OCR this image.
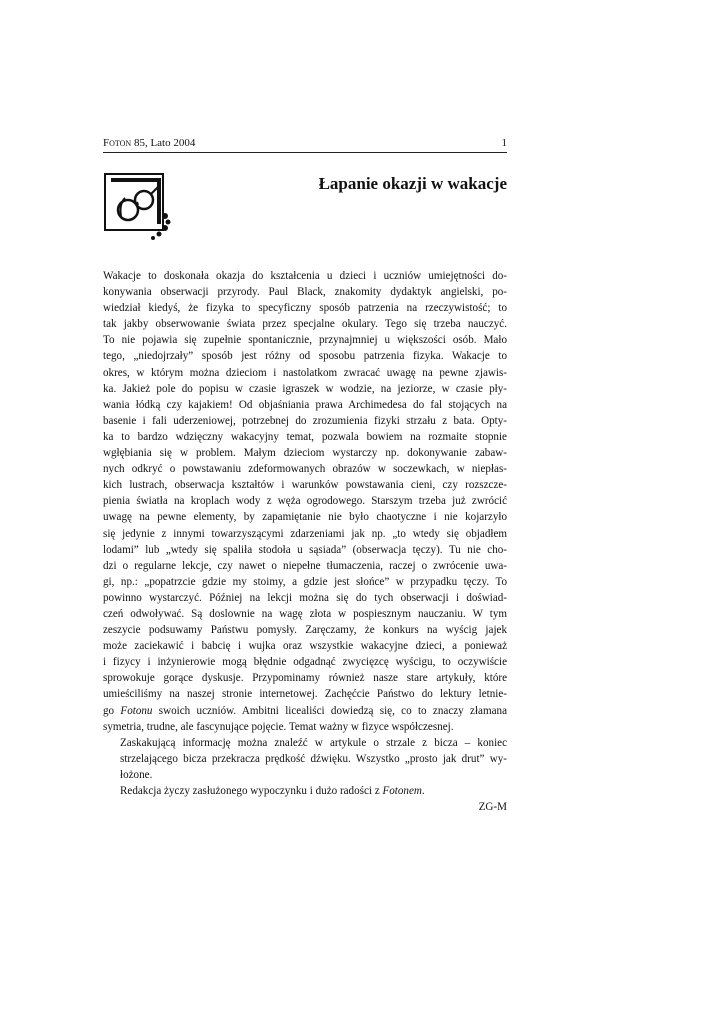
Foton 85, Lato 2004	1
Łapanie okazji w wakacje

Wakacje to doskonała okazja do kształcenia u dzieci i uczniów umiejętności do-
konywania obserwacji przyrody. Paul Black, znakomity dydaktyk angielski, po-
wiedział kiedyś, że fizyka to specyficzny sposób patrzenia na rzeczywistość; to
tak jakby obserwowanie świata przez specjalne okulary. Tego się trzeba nauczyć.
To nie pojawia się zupełnie spontanicznie, przynajmniej u większości osób. Mało
tego, „niedojrzały” sposób jest różny od sposobu patrzenia fizyka. Wakacje to
okres, w którym można dzieciom i nastolatkom zwracać uwagę na pewne zjawis-
ka. Jakież pole do popisu w czasie igraszek w wodzie, na jeziorze, w czasie pły-
wania łódką czy kajakiem! Od objaśniania prawa Archimedesa do fal stojących na
basenie i fali uderzeniowej, potrzebnej do zrozumienia fizyki strzału z bata. Opty-
ka to bardzo wdzięczny wakacyjny temat, pozwala bowiem na rozmaite stopnie
wgłębiania się w problem. Małym dzieciom wystarczy np. dokonywanie zabaw-
nych odkryć o powstawaniu zdeformowanych obrazów w soczewkach, w niepłas-
kich lustrach, obserwacja kształtów i warunków powstawania cieni, czy rozszcze-
pienia światła na kroplach wody z węża ogrodowego. Starszym trzeba już zwrócić
uwagę na pewne elementy, by zapamiętanie nie było chaotyczne i nie kojarzyło
się jedynie z innymi towarzyszącymi zdarzeniami jak np. „to wtedy się objadłem
lodami” lub „wtedy się spaliła stodoła u sąsiada” (obserwacja tęczy). Tu nie cho-
dzi o regularne lekcje, czy nawet o niepełne tłumaczenia, raczej o zwrócenie uwa-
gi, np.: „popatrzcie gdzie my stoimy, a gdzie jest słońce” w przypadku tęczy. To
powinno wystarczyć. Później na lekcji można się do tych obserwacji i doświad-
czeń odwoływać. Są doslownie na wagę złota w pospiesznym nauczaniu. W tym
zeszycie podsuwamy Państwu pomysły. Zaręczamy, że konkurs na wyścig jajek
może zaciekawić i babcię i wujka oraz wszystkie wakacyjne dzieci, a ponieważ
i fizycy i inżynierowie mogą błędnie odgadnąć zwycięzcę wyścigu, to oczywiście
sprowokuje gorące dyskusje. Przypominamy również nasze stare artykuły, które
umieściliśmy na naszej stronie internetowej. Zachęćcie Państwo do lektury letnie-
go Fotonu swoich uczniów. Ambitni licealiści dowiedzą się, co to znaczy złamana
symetria, trudne, ale fascynujące pojęcie. Temat ważny w fizyce współczesnej.

Zaskakującą informację można znaleźć w artykule o strzale z bicza – koniec
strzelającego bicza przekracza prędkość dźwięku. Wszystko „prosto jak drut” wy-
łożone.

Redakcja życzy zasłużonego wypoczynku i dużo radości z Fotonem.

ZG-M
